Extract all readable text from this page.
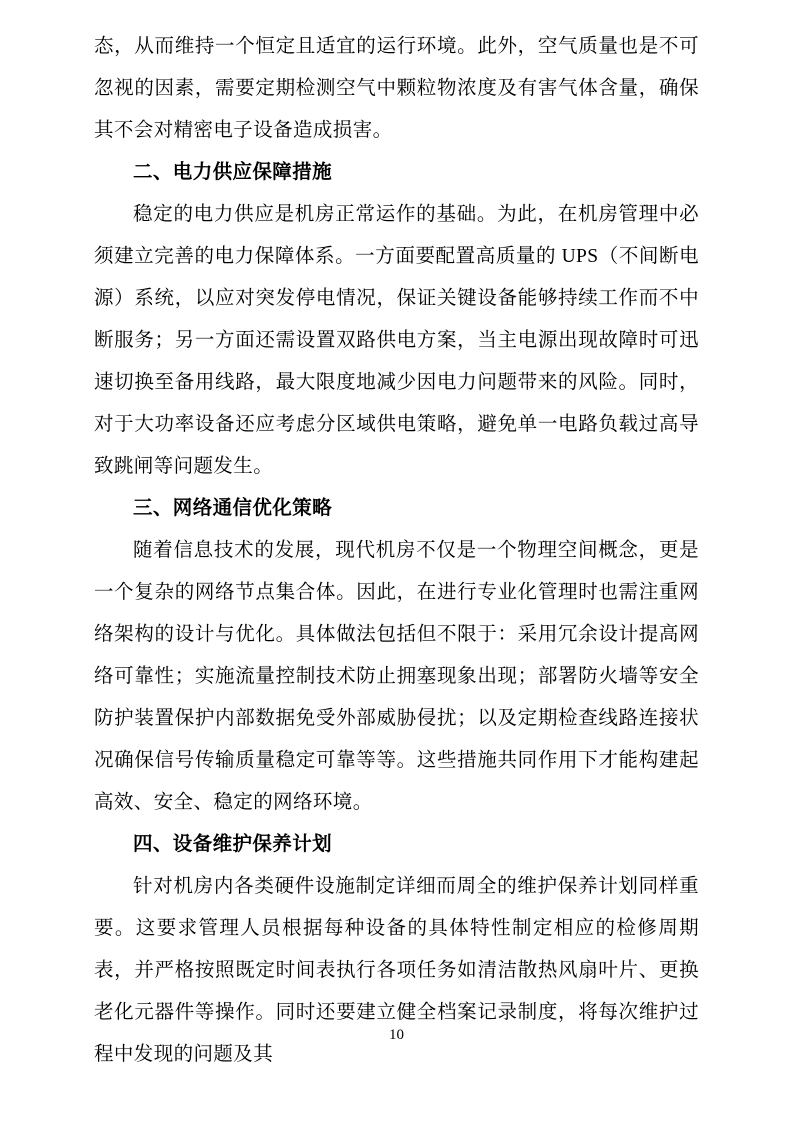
态，从而维持一个恒定且适宜的运行环境。此外，空气质量也是不可忽视的因素，需要定期检测空气中颗粒物浓度及有害气体含量，确保其不会对精密电子设备造成损害。

二、电力供应保障措施

稳定的电力供应是机房正常运作的基础。为此，在机房管理中必须建立完善的电力保障体系。一方面要配置高质量的 UPS（不间断电源）系统，以应对突发停电情况，保证关键设备能够持续工作而不中断服务；另一方面还需设置双路供电方案，当主电源出现故障时可迅速切换至备用线路，最大限度地减少因电力问题带来的风险。同时，对于大功率设备还应考虑分区域供电策略，避免单一电路负载过高导致跳闸等问题发生。

三、网络通信优化策略

随着信息技术的发展，现代机房不仅是一个物理空间概念，更是一个复杂的网络节点集合体。因此，在进行专业化管理时也需注重网络架构的设计与优化。具体做法包括但不限于：采用冗余设计提高网络可靠性；实施流量控制技术防止拥塞现象出现；部署防火墙等安全防护装置保护内部数据免受外部威胁侵扰；以及定期检查线路连接状况确保信号传输质量稳定可靠等等。这些措施共同作用下才能构建起高效、安全、稳定的网络环境。

四、设备维护保养计划

针对机房内各类硬件设施制定详细而周全的维护保养计划同样重要。这要求管理人员根据每种设备的具体特性制定相应的检修周期表，并严格按照既定时间表执行各项任务如清洁散热风扇叶片、更换老化元器件等操作。同时还要建立健全档案记录制度，将每次维护过程中发现的问题及其

10
